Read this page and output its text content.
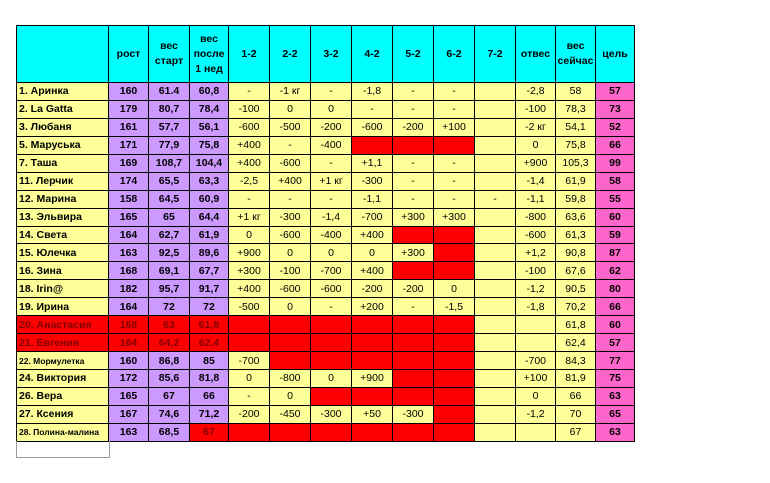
	рост	вес старт	вес после 1 нед	1-2	2-2	3-2	4-2	5-2	6-2	7-2	отвес	вес сейчас	цель
1. Аринка	160	61.4	60,8	-	-1 кг	-	-1,8	-	-		-2,8	58	57
2. La Gatta	179	80,7	78,4	-100	0	0	-	-	-		-100	78,3	73
3. Любаня	161	57,7	56,1	-600	-500	-200	-600	-200	+100		-2 кг	54,1	52
5. Маруська	171	77,9	75,8	+400	-	-400					0	75,8	66
7. Таша	169	108,7	104,4	+400	-600	-	+1,1	-	-		+900	105,3	99
11. Лерчик	174	65,5	63,3	-2,5	+400	+1 кг	-300	-	-		-1,4	61,9	58
12. Марина	158	64,5	60,9	-	-	-	-1,1	-	-	-	-1,1	59,8	55
13. Эльвира	165	65	64,4	+1 кг	-300	-1,4	-700	+300	+300		-800	63,6	60
14. Света	164	62,7	61,9	0	-600	-400	+400				-600	61,3	59
15. Юлечка	163	92,5	89,6	+900	0	0	0	+300			+1,2	90,8	87
16. Зина	168	69,1	67,7	+300	-100	-700	+400				-100	67,6	62
18. Irin@	182	95,7	91,7	+400	-600	-600	-200	-200	0		-1,2	90,5	80
19. Ирина	164	72	72	-500	0	-	+200	-	-1,5		-1,8	70,2	66
20. Анастасия	168	63	61,8									61,8	60
21. Евгения	164	64,2	62,4									62,4	57
22. Мормулетка	160	86,8	85	-700							-700	84,3	77
24. Виктория	172	85,6	81,8	0	-800	0	+900				+100	81,9	75
26. Вера	165	67	66	-	0						0	66	63
27. Ксения	167	74,6	71,2	-200	-450	-300	+50	-300			-1,2	70	65
28. Полина-малина	163	68,5	67									67	63
